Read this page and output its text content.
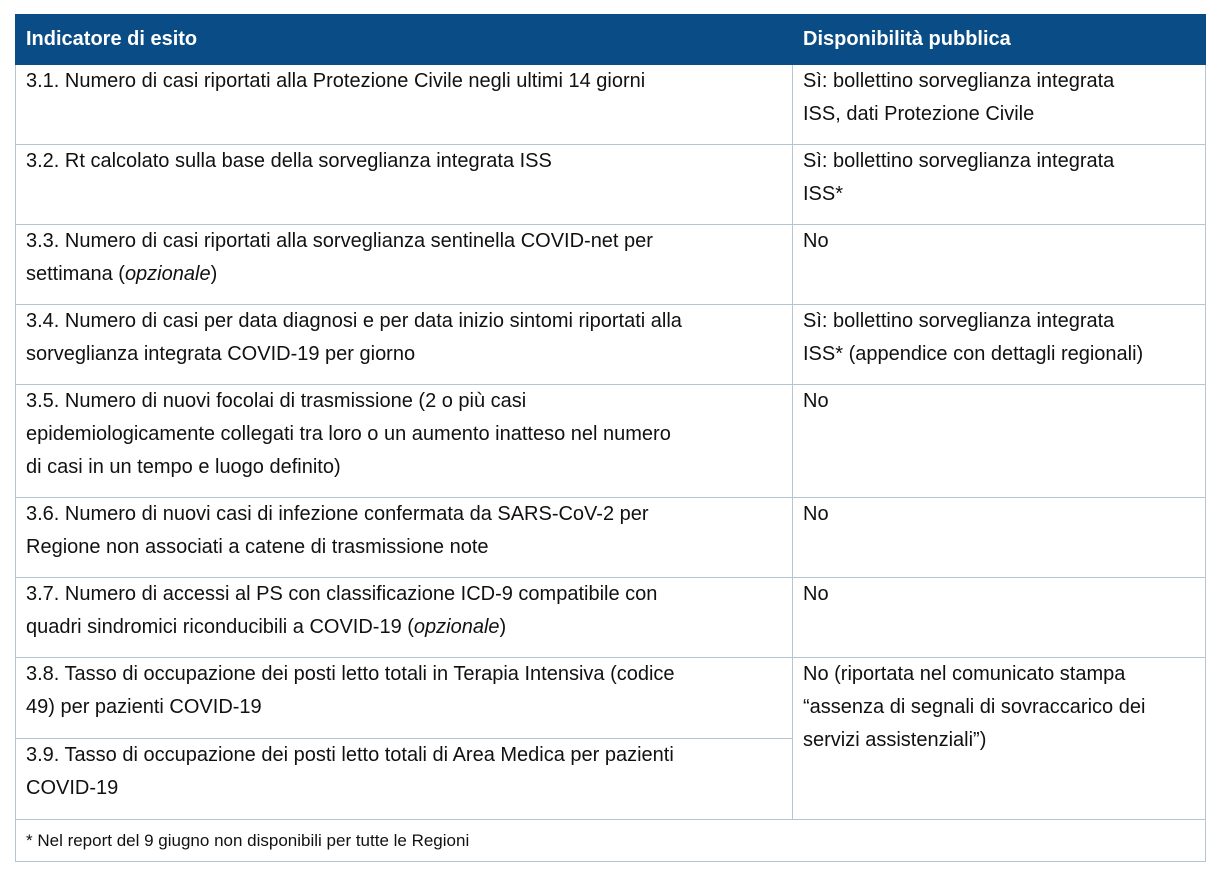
Indicatore di esito	Disponibilità pubblica

3.1. Numero di casi riportati alla Protezione Civile negli ultimi 14 giorni	Sì: bollettino sorveglianza integrata
ISS, dati Protezione Civile

3.2. Rt calcolato sulla base della sorveglianza integrata ISS	Sì: bollettino sorveglianza integrata
ISS*

3.3. Numero di casi riportati alla sorveglianza sentinella COVID-net per
settimana (opzionale)	No

3.4. Numero di casi per data diagnosi e per data inizio sintomi riportati alla
sorveglianza integrata COVID-19 per giorno	Sì: bollettino sorveglianza integrata
ISS* (appendice con dettagli regionali)

3.5. Numero di nuovi focolai di trasmissione (2 o più casi
epidemiologicamente collegati tra loro o un aumento inatteso nel numero
di casi in un tempo e luogo definito)	No

3.6. Numero di nuovi casi di infezione confermata da SARS-CoV-2 per
Regione non associati a catene di trasmissione note	No

3.7. Numero di accessi al PS con classificazione ICD-9 compatibile con
quadri sindromici riconducibili a COVID-19 (opzionale)	No

3.8. Tasso di occupazione dei posti letto totali in Terapia Intensiva (codice
49) per pazienti COVID-19	No (riportata nel comunicato stampa
“assenza di segnali di sovraccarico dei
servizi assistenziali”)

3.9. Tasso di occupazione dei posti letto totali di Area Medica per pazienti
COVID-19	

* Nel report del 9 giugno non disponibili per tutte le Regioni	
